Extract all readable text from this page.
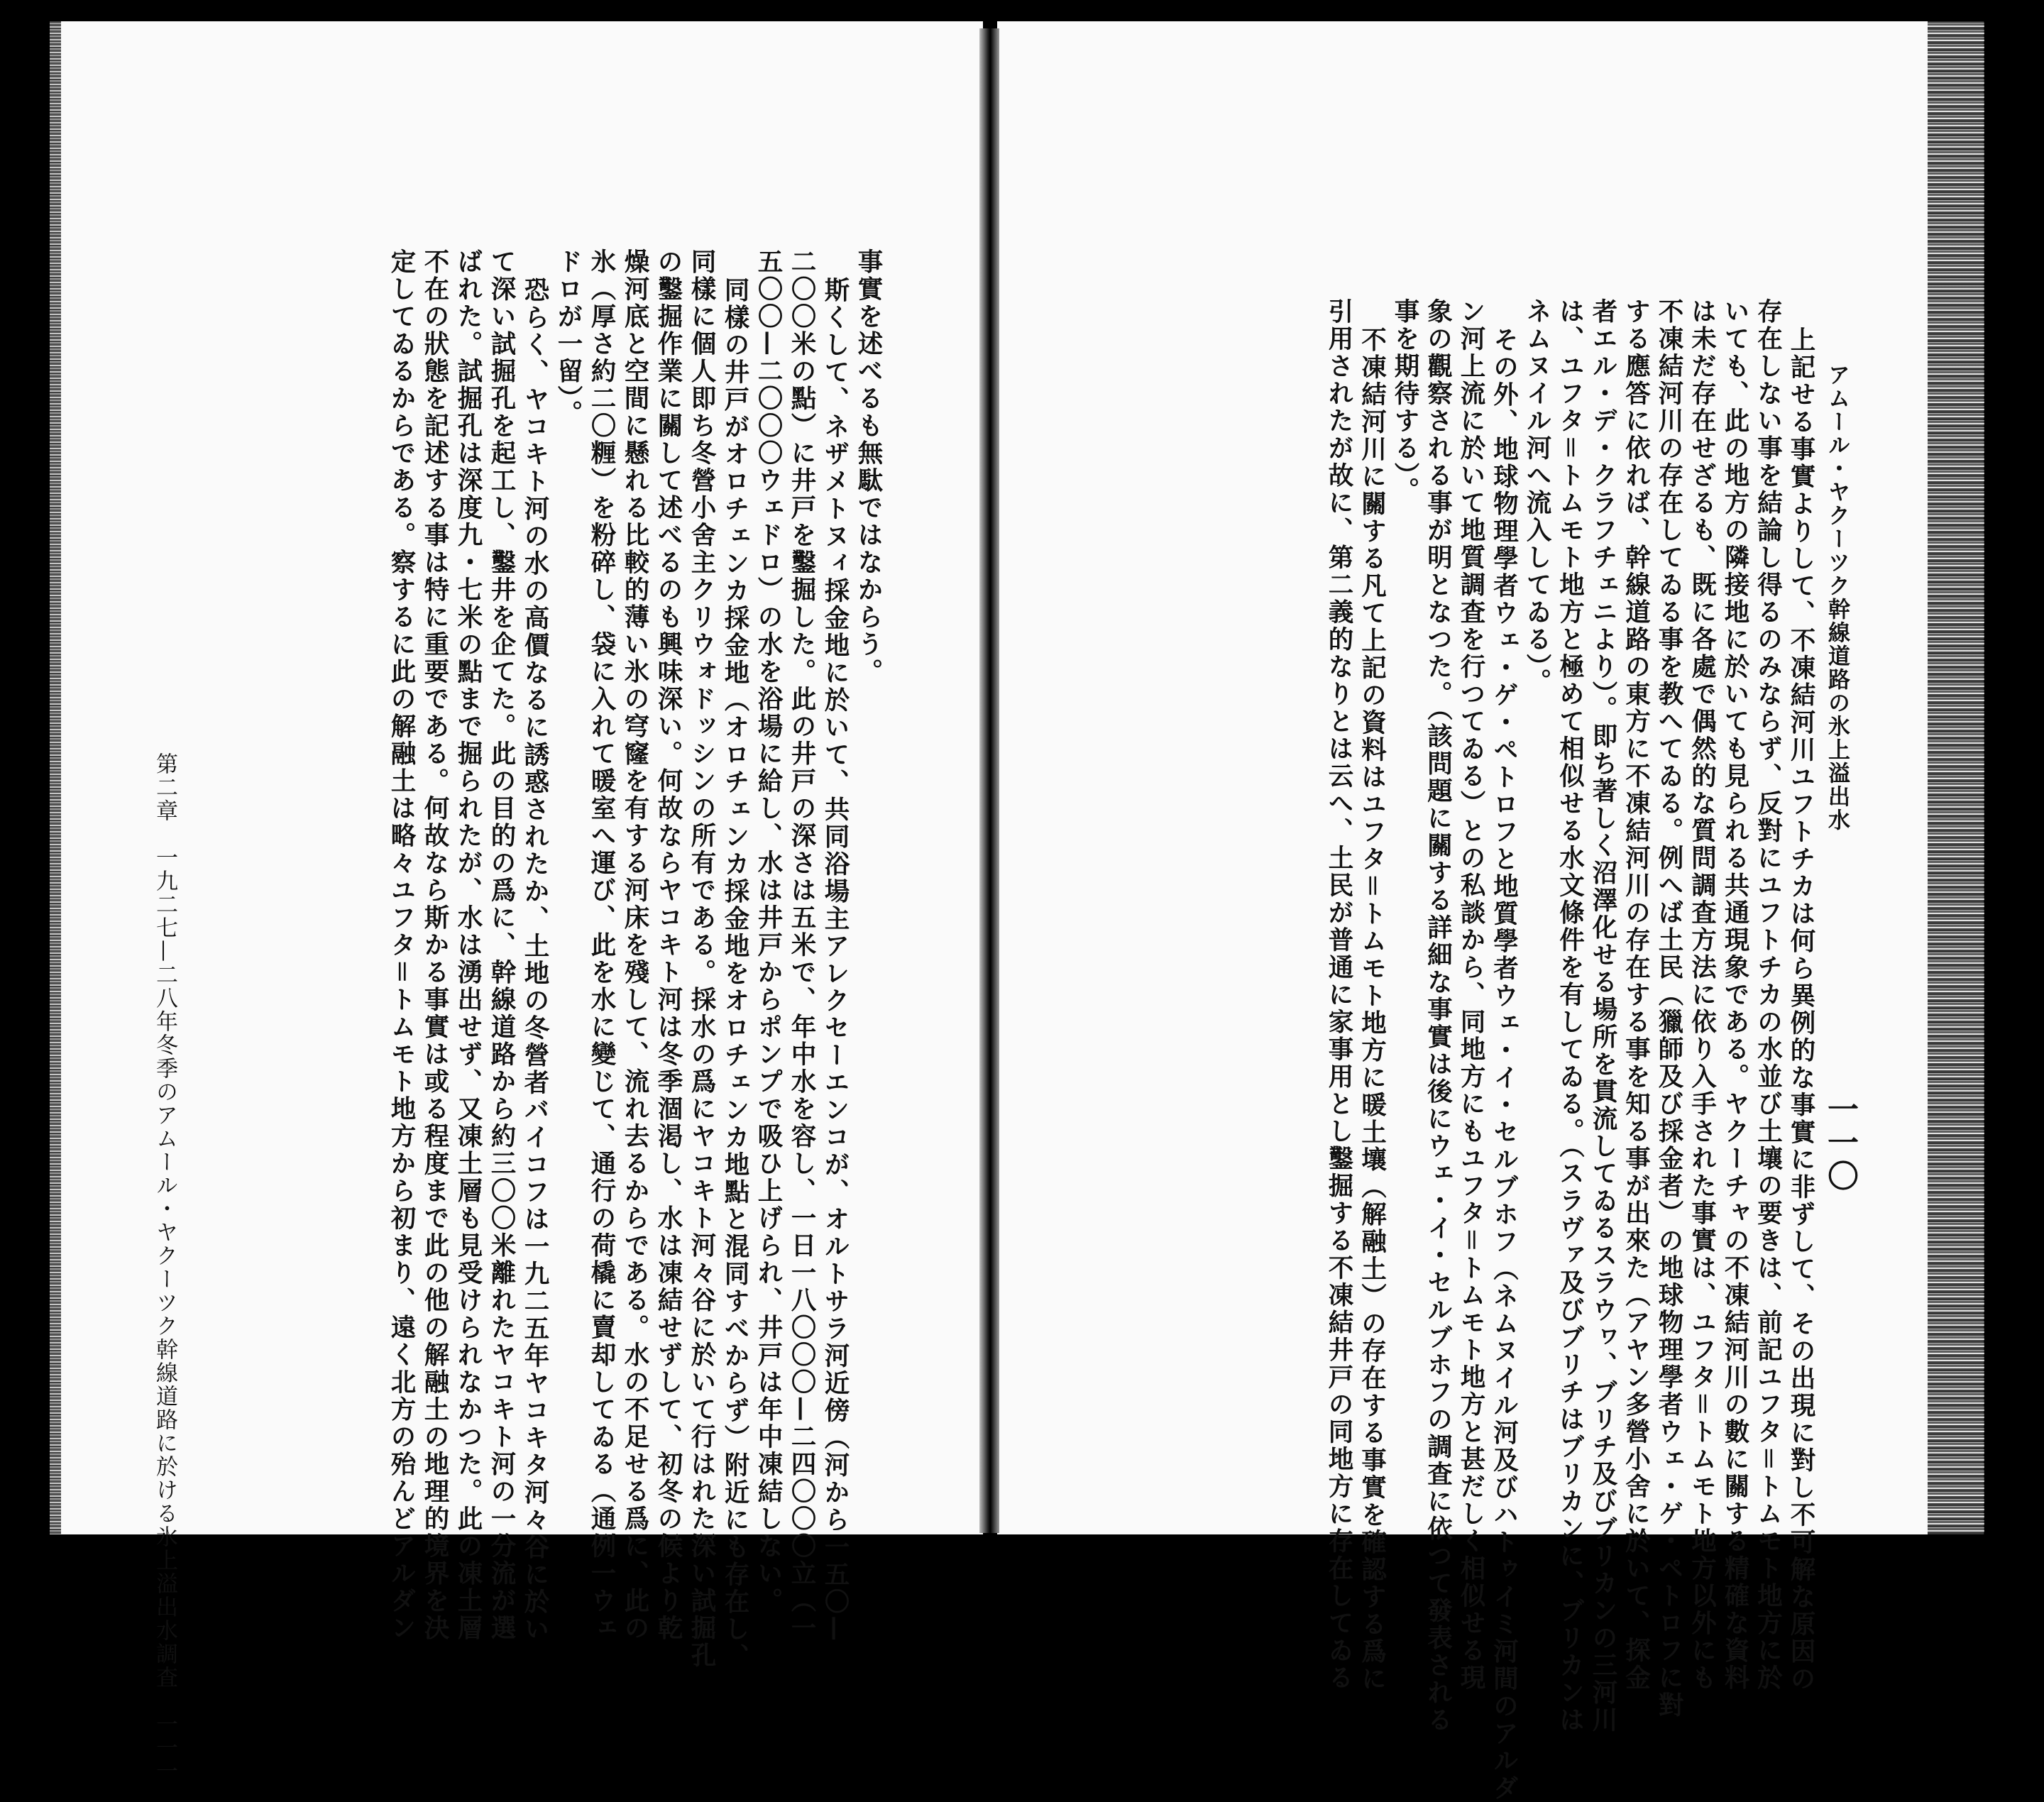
一一〇
アムール・ヤクーツク幹線道路の氷上溢出水
上記せる事實よりして、不凍結河川ユフトチカは何ら異例的な事實に非ずして、その出現に對し不可解な原因の
存在しない事を結論し得るのみならず、反對にユフトチカの水並び土壤の要きは、前記ユフタ＝トムモト地方に於
いても、此の地方の隣接地に於いても見られる共通現象である。ヤクーチャの不凍結河川の數に關する精確な資料
は未だ存在せざるも、既に各處で偶然的な質問調査方法に依り入手された事實は、ユフタ＝トムモト地方以外にも
不凍結河川の存在してゐる事を教へてゐる。例へば土民（獵師及び採金者）の地球物理學者ウェ・ゲ・ペトロフに對
する應答に依れば、幹線道路の東方に不凍結河川の存在する事を知る事が出來た（アヤン多營小舍に於いて、探金
者エル・デ・クラフチェニより）。即ち著しく沼澤化せる場所を貫流してゐるスラウヮ、ブリチ及びブリカンの三河川
は、ユフタ＝トムモト地方と極めて相似せる水文條件を有してゐる。（スラヴァ及びブリチはブリカンに、ブリカンは
ネムヌイル河へ流入してゐる）。
その外、地球物理學者ウェ・ゲ・ペトロフと地質學者ウェ・イ・セルブホフ（ネムヌイル河及びハトゥイミ河間のアルダ
ン河上流に於いて地質調査を行つてゐる）との私談から、同地方にもユフタ＝トムモト地方と甚だしく相似せる現
象の觀察される事が明となつた。（該問題に關する詳細な事實は後にウェ・イ・セルブホフの調査に依つて發表される
事を期待する）。
不凍結河川に關する凡て上記の資料はユフタ＝トムモト地方に暖土壤（解融土）の存在する事實を確認する爲に
引用されたが故に、第二義的なりとは云へ、土民が普通に家事用とし鑿掘する不凍結井戸の同地方に存在してゐる
事實を述べるも無駄ではなからう。
斯くして、ネザメトヌィ採金地に於いて、共同浴場主アレクセーエンコが、オルトサラ河近傍（河から一五〇—
二〇〇米の點）に井戸を鑿掘した。此の井戸の深さは五米で、年中水を容し、一日一八〇〇〇—二四〇〇〇立（一
五〇〇—二〇〇〇ウェドロ）の水を浴場に給し、水は井戸からポンプで吸ひ上げられ、井戸は年中凍結しない。
同樣の井戸がオロチェンカ採金地（オロチェンカ採金地をオロチェンカ地點と混同すべからず）附近にも存在し、
同樣に個人即ち冬營小舍主クリウォドッシンの所有である。採水の爲にヤコキト河々谷に於いて行はれた深い試掘孔
の鑿掘作業に關して述べるのも興味深い。何故ならヤコキト河は冬季涸渇し、水は凍結せずして、初冬の候より乾
燥河底と空間に懸れる比較的薄い氷の穹窿を有する河床を殘して、流れ去るからである。水の不足せる爲に、此の
氷（厚さ約二〇糎）を粉碎し、袋に入れて暖室へ運び、此を水に變じて、通行の荷橇に賣却してゐる（通例一ウェ
ドロが一留）。
恐らく、ヤコキト河の水の高價なるに誘惑されたか、土地の冬營者バイコフは一九二五年ヤコキタ河々谷に於い
て深い試掘孔を起工し、鑿井を企てた。此の目的の爲に、幹線道路から約三〇〇米離れたヤコキト河の一分流が選
ばれた。試掘孔は深度九・七米の點まで掘られたが、水は湧出せず、又凍土層も見受けられなかつた。此の凍土層
不在の狀態を記述する事は特に重要である。何故なら斯かる事實は或る程度まで此の他の解融土の地理的境界を決
定してゐるからである。察するに此の解融土は略々ユフタ＝トムモト地方から初まり、遠く北方の殆んどアルダン
第二章　一九二七—二八年冬季のアムール・ヤクーツク幹線道路に於ける氷上溢出水調査　一一一
